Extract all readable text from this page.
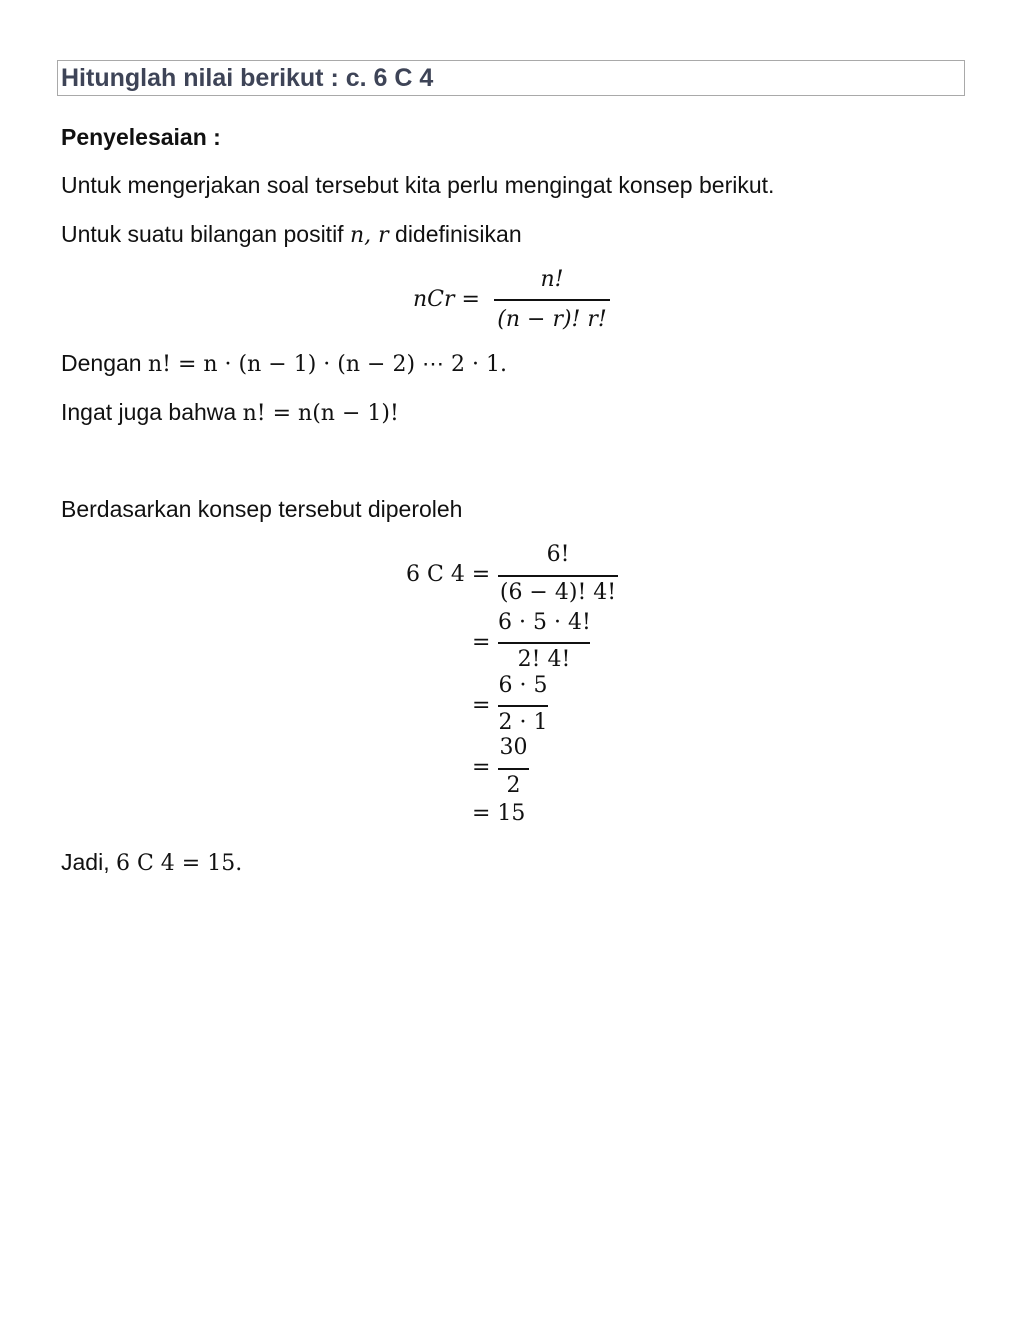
Hitunglah nilai berikut : c. 6 C 4
Penyelesaian :
Untuk mengerjakan soal tersebut kita perlu mengingat konsep berikut.
Untuk suatu bilangan positif n, r didefinisikan
nCr =
n!
(n − r)! r!
Dengan n! = n · (n − 1) · (n − 2) ⋯ 2 · 1.
Ingat juga bahwa n! = n(n − 1)!
Berdasarkan konsep tersebut diperoleh
6 C 4 =
6!
(6 − 4)! 4!
=
6 · 5 · 4!
2! 4!
=
6 · 5
2 · 1
=
30
2
= 15
Jadi, 6 C 4 = 15.
